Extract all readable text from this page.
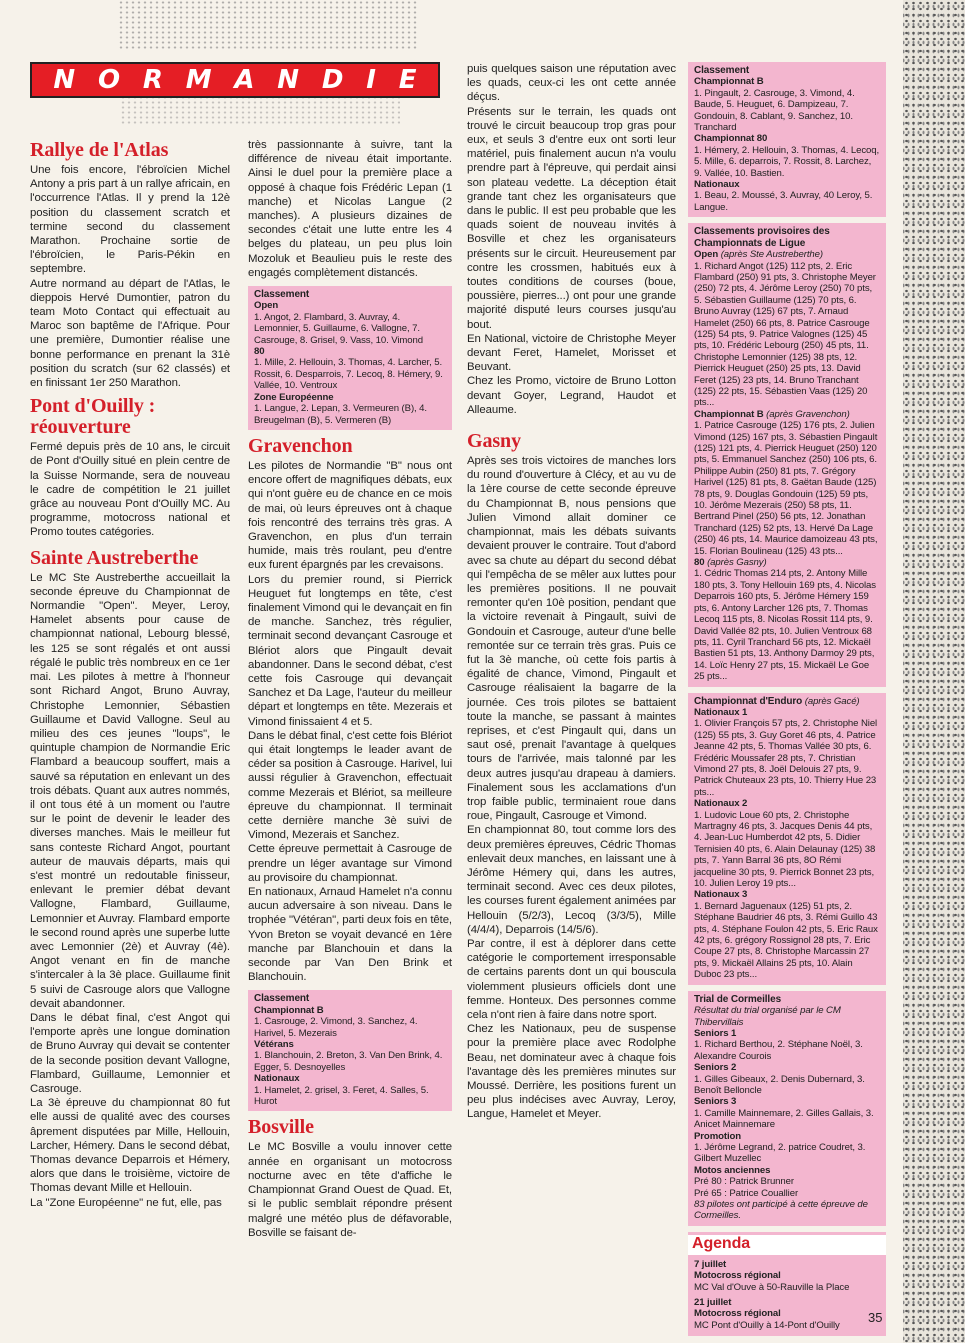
N O R M A N D I E
Rallye de l'Atlas

Une fois encore, l'ébroïcien Michel Antony a pris part à un rallye africain, en l'occurrence l'Atlas. Il y prend la 12è position du classement scratch et termine second du classement Marathon. Prochaine sortie de l'ébroïcien, le Paris-Pékin en septembre.

Autre normand au départ de l'Atlas, le dieppois Hervé Dumontier, patron du team Moto Contact qui effectuait au Maroc son baptême de l'Afrique. Pour une première, Dumontier réalise une bonne performance en prenant la 31è position du scratch (sur 62 classés) et en finissant 1er 250 Marathon.

Pont d'Ouilly : réouverture

Fermé depuis près de 10 ans, le circuit de Pont d'Ouilly situé en plein centre de la Suisse Normande, sera de nouveau le cadre de compétition le 21 juillet grâce au nouveau Pont d'Ouilly MC. Au programme, motocross national et Promo toutes catégories.

Sainte Austreberthe

Le MC Ste Austreberthe accueillait la seconde épreuve du Championnat de Normandie "Open". Meyer, Leroy, Hamelet absents pour cause de championnat national, Lebourg blessé, les 125 se sont régalés et ont aussi régalé le public très nombreux en ce 1er mai. Les pilotes à mettre à l'honneur sont Richard Angot, Bruno Auvray, Christophe Lemonnier, Sébastien Guillaume et David Vallogne. Seul au milieu des ces jeunes "loups", le quintuple champion de Normandie Eric Flambard a beaucoup souffert, mais a sauvé sa réputation en enlevant un des trois débats. Quant aux autres nommés, il ont tous été à un moment ou l'autre sur le point de devenir le leader des diverses manches. Mais le meilleur fut sans conteste Richard Angot, pourtant auteur de mauvais départs, mais qui s'est montré un redoutable finisseur, enlevant le premier débat devant Vallogne, Flambard, Guillaume, Lemonnier et Auvray. Flambard emporte le second round après une superbe lutte avec Lemonnier (2è) et Auvray (4è). Angot venant en fin de manche s'intercaler à la 3è place. Guillaume finit 5 suivi de Casrouge alors que Vallogne devait abandonner.

Dans le débat final, c'est Angot qui l'emporte après une longue domination de Bruno Auvray qui devait se contenter de la seconde position devant Vallogne, Flambard, Guillaume, Lemonnier et Casrouge.

La 3è épreuve du championnat 80 fut elle aussi de qualité avec des courses âprement disputées par Mille, Hellouin, Larcher, Hémery. Dans le second débat, Thomas devance Deparrois et Hémery, alors que dans le troisième, victoire de Thomas devant Mille et Hellouin.

La "Zone Européenne" ne fut, elle, pas

très passionnante à suivre, tant la différence de niveau était importante. Ainsi le duel pour la première place a opposé à chaque fois Frédéric Lepan (1 manche) et Nicolas Langue (2 manches). A plusieurs dizaines de secondes c'était une lutte entre les 4 belges du plateau, un peu plus loin Mozoluk et Beaulieu puis le reste des engagés complètement distancés.

Classement
Open
1. Angot, 2. Flambard, 3. Auvray, 4. Lemonnier, 5. Guillaume, 6. Vallogne, 7. Casrouge, 8. Grisel, 9. Vass, 10. Vimond
80
1. Mille, 2. Hellouin, 3. Thomas, 4. Larcher, 5. Rossit, 6. Desparrois, 7. Lecoq, 8. Hémery, 9. Vallée, 10. Ventroux
Zone Européenne
1. Langue, 2. Lepan, 3. Vermeuren (B), 4. Breugelman (B), 5. Vermeren (B)
Gravenchon

Les pilotes de Normandie "B" nous ont encore offert de magnifiques débats, eux qui n'ont guère eu de chance en ce mois de mai, où leurs épreuves ont à chaque fois rencontré des terrains très gras. A Gravenchon, en plus d'un terrain humide, mais très roulant, peu d'entre eux furent épargnés par les crevaisons.

Lors du premier round, si Pierrick Heuguet fut longtemps en tête, c'est finalement Vimond qui le devançait en fin de manche. Sanchez, très régulier, terminait second devançant Casrouge et Blériot alors que Pingault devait abandonner. Dans le second débat, c'est cette fois Casrouge qui devançait Sanchez et Da Lage, l'auteur du meilleur départ et longtemps en tête. Mezerais et Vimond finissaient 4 et 5.

Dans le débat final, c'est cette fois Blériot qui était longtemps le leader avant de céder sa position à Casrouge. Harivel, lui aussi régulier à Gravenchon, effectuait comme Mezerais et Blériot, sa meilleure épreuve du championnat. Il terminait cette dernière manche 3è suivi de Vimond, Mezerais et Sanchez.

Cette épreuve permettait à Casrouge de prendre un léger avantage sur Vimond au provisoire du championnat.

En nationaux, Arnaud Hamelet n'a connu aucun adversaire à son niveau. Dans le trophée "Vétéran", parti deux fois en tête, Yvon Breton se voyait devancé en 1ère manche par Blanchouin et dans la seconde par Van Den Brink et Blanchouin.

Classement
Championnat B
1. Casrouge, 2. Vimond, 3. Sanchez, 4. Harivel, 5. Mezerais
Vétérans
1. Blanchouin, 2. Breton, 3. Van Den Brink, 4. Egger, 5. Desnoyelles
Nationaux
1. Hamelet, 2. grisel, 3. Feret, 4. Salles, 5. Hurot
Bosville

Le MC Bosville a voulu innover cette année en organisant un motocross nocturne avec en tête d'affiche le Championnat Grand Ouest de Quad. Et, si le public semblait répondre présent malgré une météo plus de défavorable, Bosville se faisant de-

puis quelques saison une réputation avec les quads, ceux-ci les ont cette année déçus.

Présents sur le terrain, les quads ont trouvé le circuit beaucoup trop gras pour eux, et seuls 3 d'entre eux ont sorti leur matériel, puis finalement aucun n'a voulu prendre part à l'épreuve, qui perdait ainsi son plateau vedette. La déception était grande tant chez les organisateurs que dans le public. Il est peu probable que les quads soient de nouveau invités à Bosville et chez les organisateurs présents sur le circuit. Heureusement par contre les crossmen, habitués eux à toutes conditions de courses (boue, poussière, pierres...) ont pour une grande majorité disputé leurs courses jusqu'au bout.

En National, victoire de Christophe Meyer devant Feret, Hamelet, Morisset et Beuvant.

Chez les Promo, victoire de Bruno Lotton devant Goyer, Legrand, Haudot et Alleaume.

Gasny

Après ses trois victoires de manches lors du round d'ouverture à Clécy, et au vu de la 1ère course de cette seconde épreuve du Championnat B, nous pensions que Julien Vimond allait dominer ce championnat, mais les débats suivants devaient prouver le contraire. Tout d'abord avec sa chute au départ du second débat qui l'empêcha de se mêler aux luttes pour les premières positions. Il ne pouvait remonter qu'en 10è position, pendant que la victoire revenait à Pingault, suivi de Gondouin et Casrouge, auteur d'une belle remontée sur ce terrain très gras. Puis ce fut la 3è manche, où cette fois partis à égalité de chance, Vimond, Pingault et Casrouge réalisaient la bagarre de la journée. Ces trois pilotes se battaient toute la manche, se passant à maintes reprises, et c'est Pingault qui, dans un saut osé, prenait l'avantage à quelques tours de l'arrivée, mais talonné par les deux autres jusqu'au drapeau à damiers. Finalement sous les acclamations d'un trop faible public, terminaient roue dans roue, Pingault, Casrouge et Vimond.

En championnat 80, tout comme lors des deux premières épreuves, Cédric Thomas enlevait deux manches, en laissant une à Jérôme Hémery qui, dans les autres, terminait second. Avec ces deux pilotes, les courses furent également animées par Hellouin (5/2/3), Lecoq (3/3/5), Mille (4/4/4), Deparrois (14/5/6).

Par contre, il est à déplorer dans cette catégorie le comportement irresponsable de certains parents dont un qui bouscula violemment plusieurs officiels dont une femme. Honteux. Des personnes comme cela n'ont rien à faire dans notre sport.

Chez les Nationaux, peu de suspense pour la première place avec Rodolphe Beau, net dominateur avec à chaque fois l'avantage dès les premières minutes sur Moussé. Derrière, les positions furent un peu plus indécises avec Auvray, Leroy, Langue, Hamelet et Meyer.

Classement
Championnat B
1. Pingault, 2. Casrouge, 3. Vimond, 4. Baude, 5. Heuguet, 6. Dampizeau, 7. Gondouin, 8. Cablant, 9. Sanchez, 10. Tranchard
Championnat 80
1. Hémery, 2. Hellouin, 3. Thomas, 4. Lecoq, 5. Mille, 6. deparrois, 7. Rossit, 8. Larchez, 9. Vallée, 10. Bastien.
Nationaux
1. Beau, 2. Moussé, 3. Auvray, 40 Leroy, 5. Langue.
Classements provisoires des Championnats de Ligue
Open (après Ste Austreberthe)
1. Richard Angot (125) 112 pts, 2. Eric Flambard (250) 91 pts, 3. Christophe Meyer (250) 72 pts, 4. Jérôme Leroy (250) 70 pts, 5. Sébastien Guillaume (125) 70 pts, 6. Bruno Auvray (125) 67 pts, 7. Arnaud Hamelet (250) 66 pts, 8. Patrice Casrouge (125) 54 pts, 9. Patrice Valognes (125) 45 pts, 10. Frédéric Lebourg (250) 45 pts, 11. Christophe Lemonnier (125) 38 pts, 12. Pierrick Heuguet (250) 25 pts, 13. David Feret (125) 23 pts, 14. Bruno Tranchant (125) 22 pts, 15. Sébastien Vaas (125) 20 pts...
Championnat B (après Gravenchon)
1. Patrice Casrouge (125) 176 pts, 2. Julien Vimond (125) 167 pts, 3. Sébastien Pingault (125) 121 pts, 4. Pierrick Heuguet (250) 120 pts, 5. Emmanuel Sanchez (250) 106 pts, 6. Philippe Aubin (250) 81 pts, 7. Grégory Harivel (125) 81 pts, 8. Gaëtan Baude (125) 78 pts, 9. Douglas Gondouin (125) 59 pts, 10. Jérôme Mezerais (250) 58 pts, 11. Bertrand Pinel (250) 56 pts, 12. Jonathan Tranchard (125) 52 pts, 13. Hervé Da Lage (250) 46 pts, 14. Maurice damoizeau 43 pts, 15. Florian Boulineau (125) 43 pts...
80 (après Gasny)
1. Cédric Thomas 214 pts, 2. Antony Mille 180 pts, 3. Tony Hellouin 169 pts, 4. Nicolas Deparrois 160 pts, 5. Jérôme Hémery 159 pts, 6. Antony Larcher 126 pts, 7. Thomas Lecoq 115 pts, 8. Nicolas Rossit 114 pts, 9. David Vallée 82 pts, 10. Julien Ventroux 68 pts, 11. Cyril Tranchard 56 pts, 12. Mickaël Bastien 51 pts, 13. Anthony Darmoy 29 pts, 14. Loïc Henry 27 pts, 15. Mickaël Le Goe 25 pts...
Championnat d'Enduro (après Gacé)
Nationaux 1
1. Olivier François 57 pts, 2. Christophe Niel (125) 55 pts, 3. Guy Goret 46 pts, 4. Patrice Jeanne 42 pts, 5. Thomas Vallée 30 pts, 6. Frédéric Moussafer 28 pts, 7. Christian Vimond 27 pts, 8. Joël Delouis 27 pts, 9. Patrick Chuteaux 23 pts, 10. Thierry Hue 23 pts...
Nationaux 2
1. Ludovic Loue 60 pts, 2. Christophe Martragny 46 pts, 3. Jacques Denis 44 pts, 4. Jean-Luc Humberdot 42 pts, 5. Didier Ternisien 40 pts, 6. Alain Delaunay (125) 38 pts, 7. Yann Barral 36 pts, 8O Rémi jacqueline 30 pts, 9. Pierrick Bonnet 23 pts, 10. Julien Leroy 19 pts...
Nationaux 3
1. Bernard Jaguenaux (125) 51 pts, 2. Stéphane Baudrier 46 pts, 3. Rémi Guillo 43 pts, 4. Stéphane Foulon 42 pts, 5. Eric Raux 42 pts, 6. grégory Rossignol 28 pts, 7. Eric Coupe 27 pts, 8. Christophe Marcassin 27 pts, 9. Mickaël Allains 25 pts, 10. Alain Duboc 23 pts...
Trial de Cormeilles
Résultat du trial organisé par le CM Thibervillais
Seniors 1
1. Richard Berthou, 2. Stéphane Noël, 3. Alexandre Courois
Seniors 2
1. Gilles Gibeaux, 2. Denis Dubernard, 3. Benoît Belloncle
Seniors 3
1. Camille Mainnemare, 2. Gilles Gallais, 3. Anicet Mainnemare
Promotion
1. Jérôme Legrand, 2. patrice Coudret, 3. Gilbert Muzellec
Motos anciennes
Pré 80 : Patrick Brunner
Pré 65 : Patrice Couallier
83 pilotes ont participé à cette épreuve de Cormeilles.
Agenda
7 juillet
Motocross régional
MC Val d'Ouve à 50-Rauville la Place
21 juillet
Motocross régional
MC Pont d'Ouilly à 14-Pont d'Ouilly
35
